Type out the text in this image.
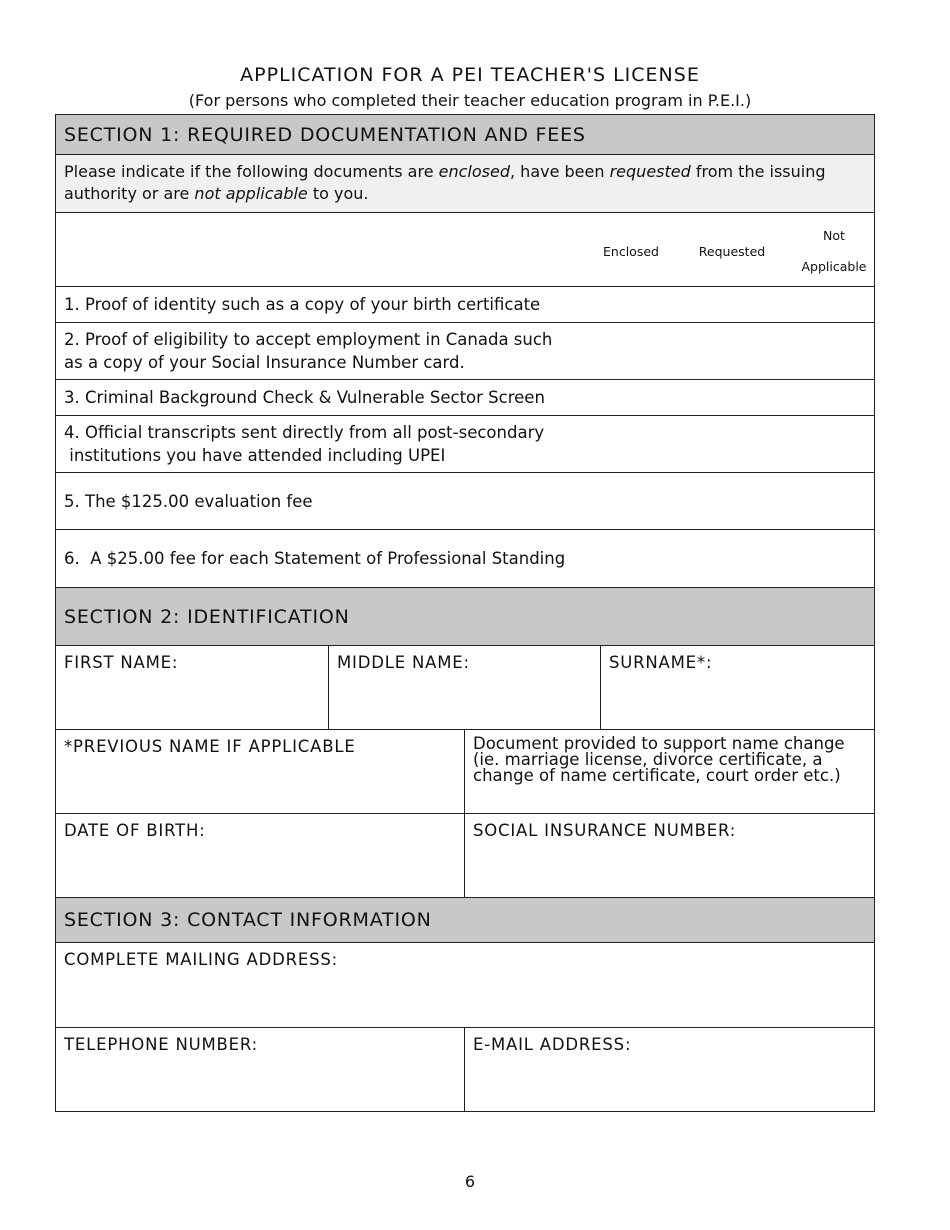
APPLICATION FOR A PEI TEACHER'S LICENSE
(For persons who completed their teacher education program in P.E.I.)
SECTION 1: REQUIRED DOCUMENTATION AND FEES			
Please indicate if the following documents are enclosed, have been requested from the issuing authority or are not applicable to you.			

Enclosed Requested
Not
Applicable			

1. Proof of identity such as a copy of your birth certificate			

2. Proof of eligibility to accept employment in Canada such
as a copy of your Social Insurance Number card.			

3. Criminal Background Check & Vulnerable Sector Screen			

4. Official transcripts sent directly from all post-secondary
institutions you have attended including UPEI			

5. The $125.00 evaluation fee			
6.  A $25.00 fee for each Statement of Professional Standing			
SECTION 2: IDENTIFICATION			
FIRST NAME:	MIDDLE NAME:		SURNAME*:
*PREVIOUS NAME IF APPLICABLE		Document provided to support name change (ie. marriage license, divorce certificate, a change of name certificate, court order etc.)	
DATE OF BIRTH:		SOCIAL INSURANCE NUMBER:	
SECTION 3: CONTACT INFORMATION			
COMPLETE MAILING ADDRESS:			
TELEPHONE NUMBER:		E-MAIL ADDRESS:	
6
